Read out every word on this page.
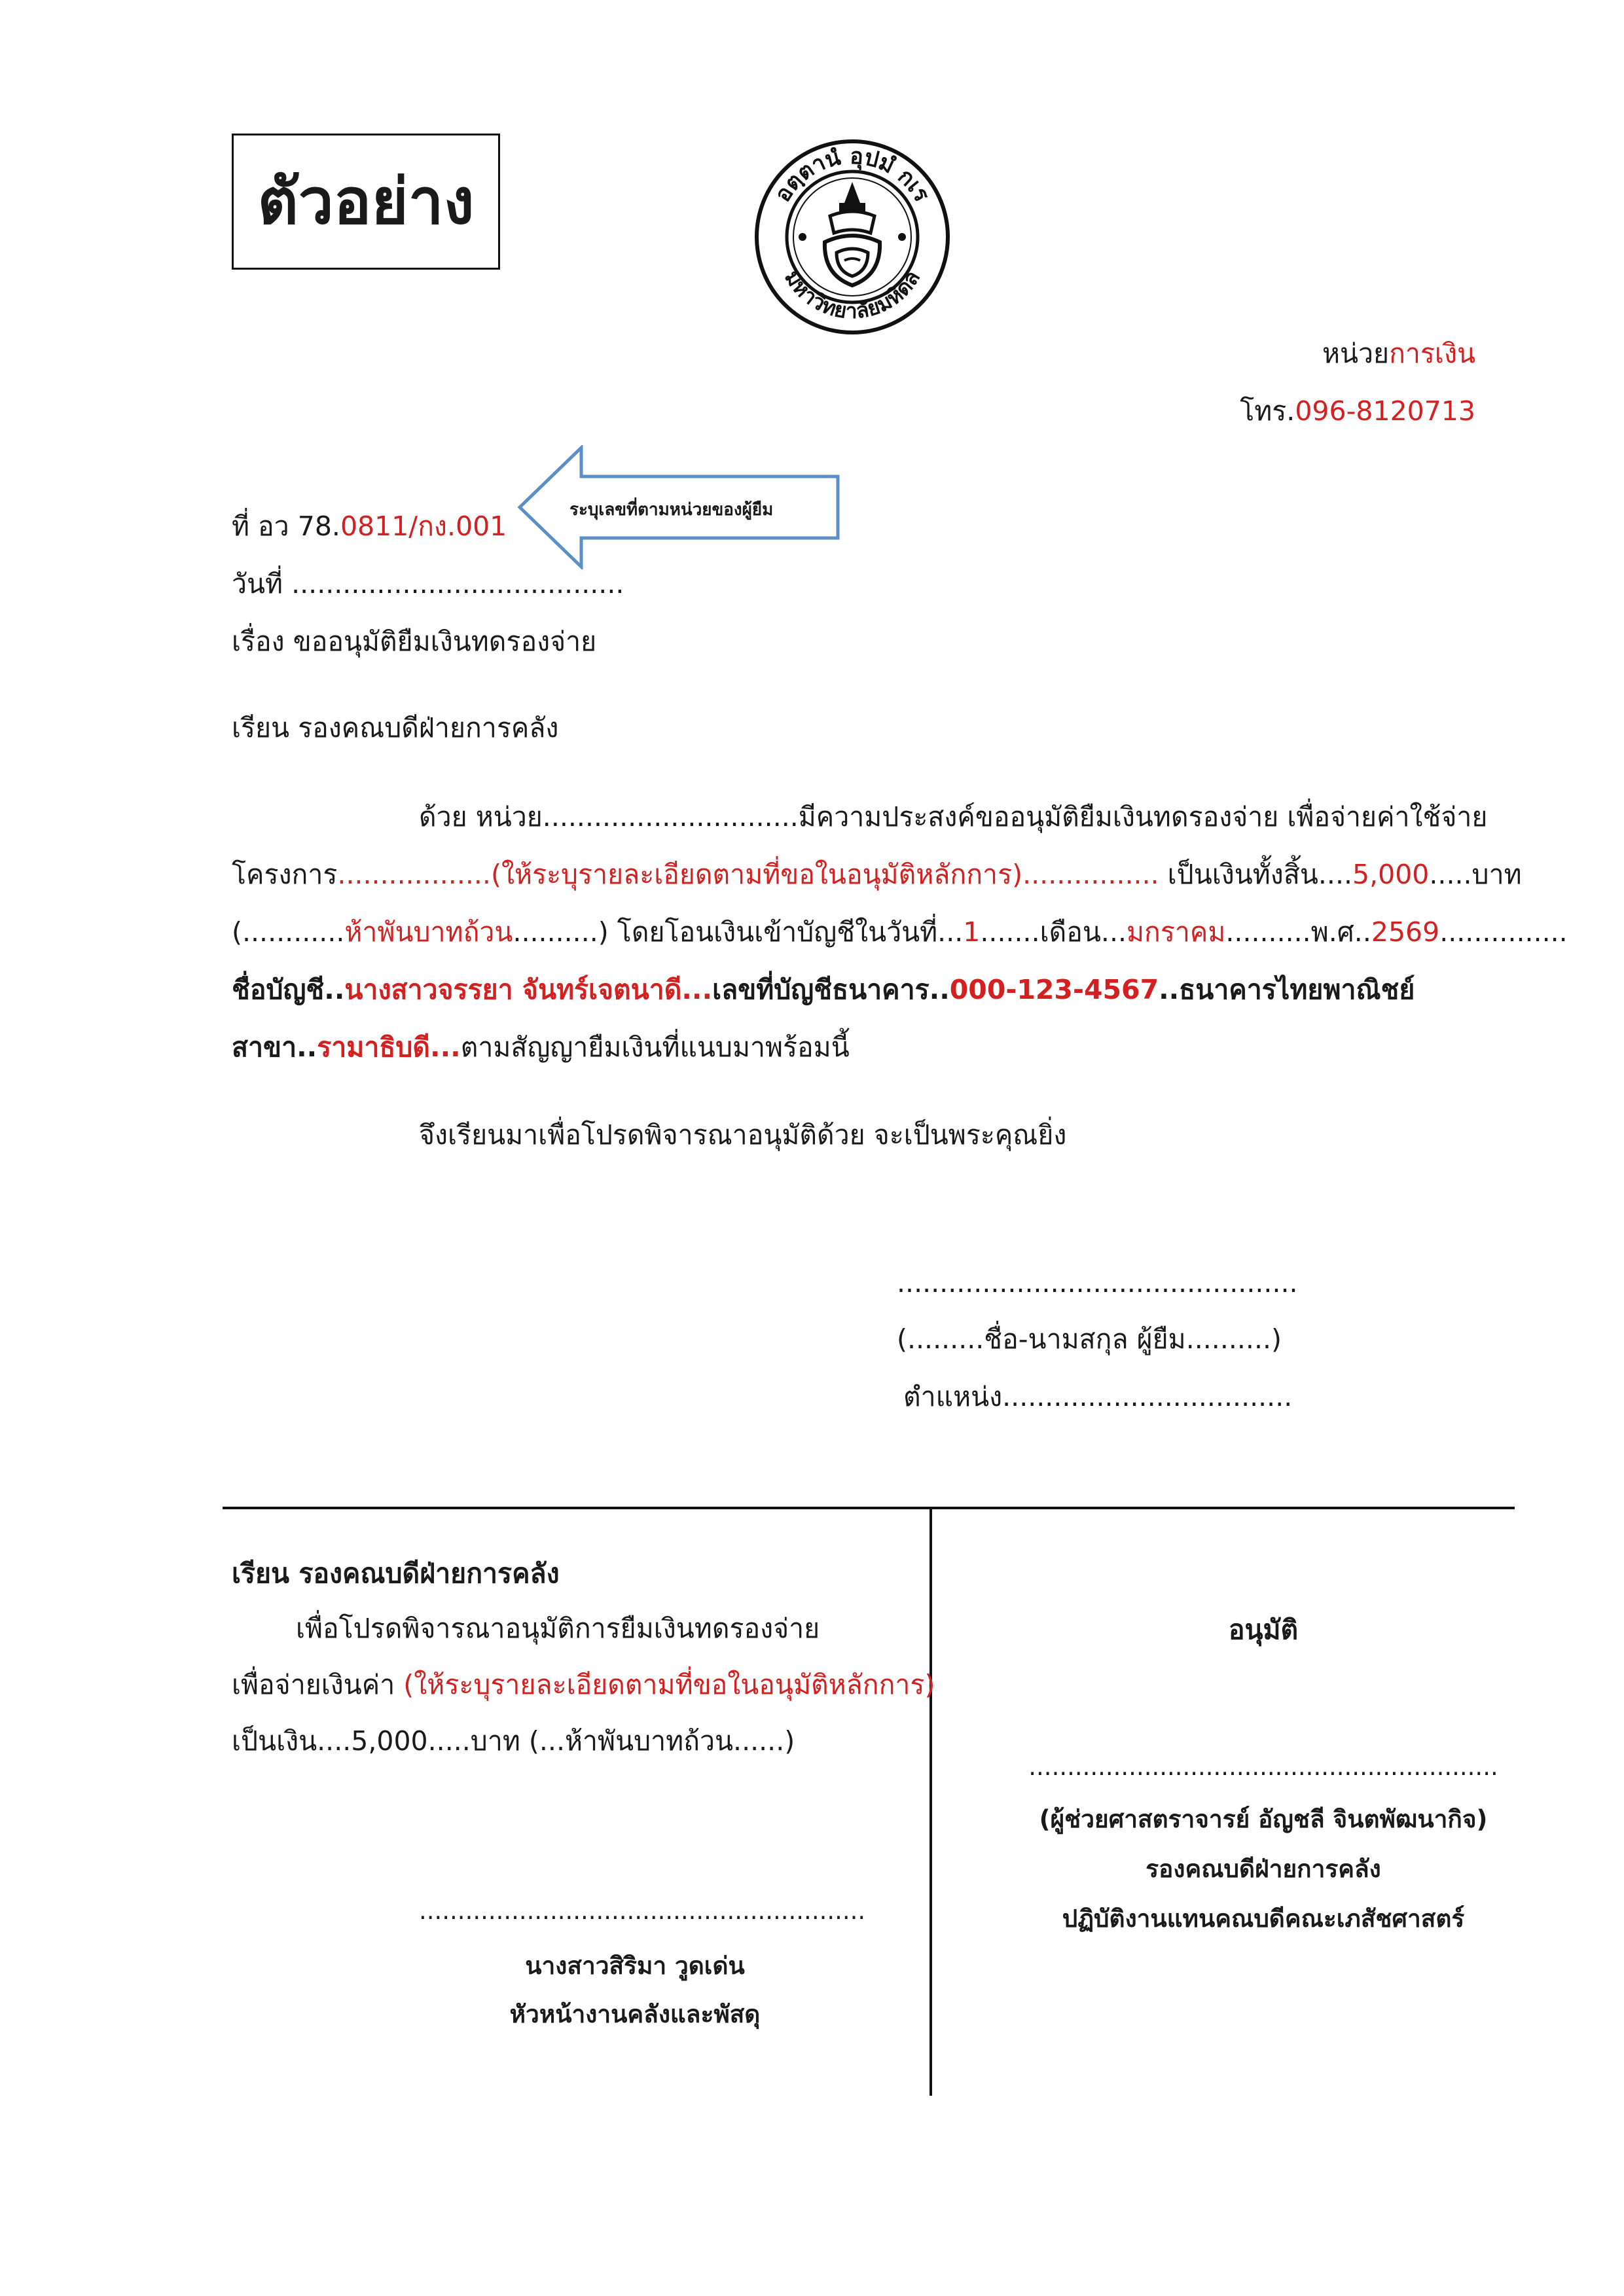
ตัวอย่าง	อตฺตานํ อุปมํ กเร
มหาวิทยาลัยมหิดล
หน่วยการเงิน
โทร.096-8120713
ที่ อว 78.0811/กง.001
ระบุเลขที่ตามหน่วยของผู้ยืม
วันที่ .......................................
เรื่อง ขออนุมัติยืมเงินทดรองจ่าย
เรียน รองคณบดีฝ่ายการคลัง
ด้วย หน่วย..............................มีความประสงค์ขออนุมัติยืมเงินทดรองจ่าย เพื่อจ่ายค่าใช้จ่าย
โครงการ..................(ให้ระบุรายละเอียดตามที่ขอในอนุมัติหลักการ)................ เป็นเงินทั้งสิ้น....5,000.....บาท
(............ห้าพันบาทถ้วน..........) โดยโอนเงินเข้าบัญชีในวันที่...1.......เดือน...มกราคม..........พ.ศ..2569...............
ชื่อบัญชี..นางสาวจรรยา จันทร์เจตนาดี...เลขที่บัญชีธนาคาร..000-123-4567..ธนาคารไทยพาณิชย์
สาขา..รามาธิบดี...ตามสัญญายืมเงินที่แนบมาพร้อมนี้
จึงเรียนมาเพื่อโปรดพิจารณาอนุมัติด้วย จะเป็นพระคุณยิ่ง
...............................................
(.........ชื่อ-นามสกุล ผู้ยืม..........)
ตำแหน่ง..................................
เรียน รองคณบดีฝ่ายการคลัง
เพื่อโปรดพิจารณาอนุมัติการยืมเงินทดรองจ่าย
เพื่อจ่ายเงินค่า (ให้ระบุรายละเอียดตามที่ขอในอนุมัติหลักการ)
เป็นเงิน....5,000.....บาท (...ห้าพันบาทถ้วน......)
..........................................................
นางสาวสิริมา วูดเด่น
หัวหน้างานคลังและพัสดุ
อนุมัติ
.............................................................
(ผู้ช่วยศาสตราจารย์ อัญชลี จินตพัฒนากิจ)
รองคณบดีฝ่ายการคลัง
ปฏิบัติงานแทนคณบดีคณะเภสัชศาสตร์
